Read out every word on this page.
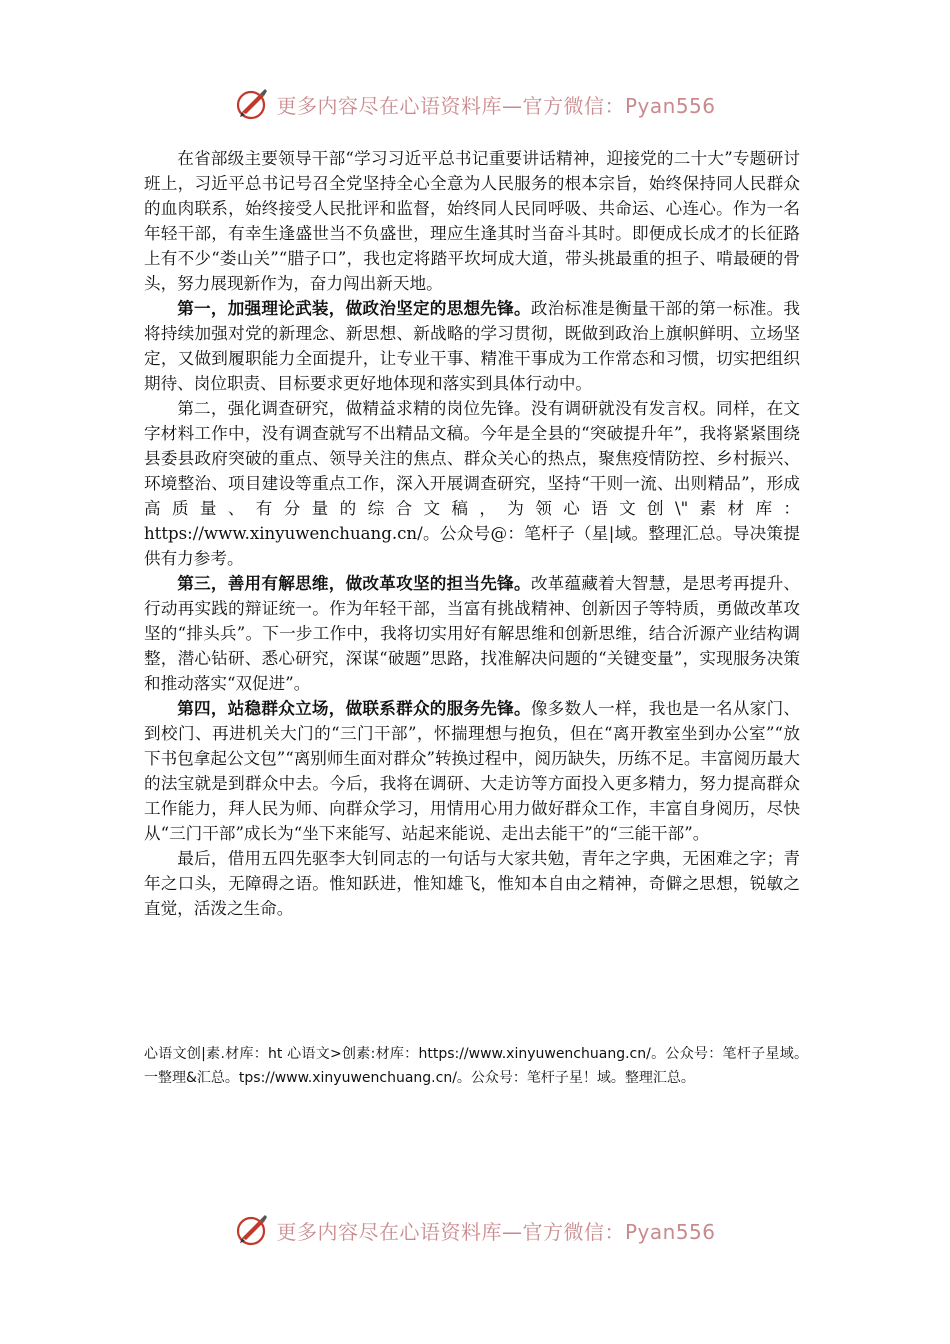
更多内容尽在心语资料库—官方微信：Pyan556

在省部级主要领导干部“学习习近平总书记重要讲话精神，迎接党的二十大”专题研讨班上，习近平总书记号召全党坚持全心全意为人民服务的根本宗旨，始终保持同人民群众的血肉联系，始终接受人民批评和监督，始终同人民同呼吸、共命运、心连心。作为一名年轻干部，有幸生逢盛世当不负盛世，理应生逢其时当奋斗其时。即便成长成才的长征路上有不少“娄山关”“腊子口”，我也定将踏平坎坷成大道，带头挑最重的担子、啃最硬的骨头，努力展现新作为，奋力闯出新天地。

第一，加强理论武装，做政治坚定的思想先锋。政治标准是衡量干部的第一标准。我将持续加强对党的新理念、新思想、新战略的学习贯彻，既做到政治上旗帜鲜明、立场坚定，又做到履职能力全面提升，让专业干事、精准干事成为工作常态和习惯，切实把组织期待、岗位职责、目标要求更好地体现和落实到具体行动中。

第二，强化调查研究，做精益求精的岗位先锋。没有调研就没有发言权。同样，在文字材料工作中，没有调查就写不出精品文稿。今年是全县的“突破提升年”，我将紧紧围绕县委县政府突破的重点、领导关注的焦点、群众关心的热点，聚焦疫情防控、乡村振兴、环境整治、项目建设等重点工作，深入开展调查研究，坚持“干则一流、出则精品”，形成高质量、有分量的综合文稿，为领心语文创\"素材库：https://www.xinyuwenchuang.cn/。公众号@：笔杆子（星|域。整理汇总。导决策提供有力参考。

第三，善用有解思维，做改革攻坚的担当先锋。改革蕴藏着大智慧，是思考再提升、行动再实践的辩证统一。作为年轻干部，当富有挑战精神、创新因子等特质，勇做改革攻坚的“排头兵”。下一步工作中，我将切实用好有解思维和创新思维，结合沂源产业结构调整，潜心钻研、悉心研究，深谋“破题”思路，找准解决问题的“关键变量”，实现服务决策和推动落实“双促进”。

第四，站稳群众立场，做联系群众的服务先锋。像多数人一样，我也是一名从家门、到校门、再进机关大门的“三门干部”，怀揣理想与抱负，但在“离开教室坐到办公室”“放下书包拿起公文包”“离别师生面对群众”转换过程中，阅历缺失，历练不足。丰富阅历最大的法宝就是到群众中去。今后，我将在调研、大走访等方面投入更多精力，努力提高群众工作能力，拜人民为师、向群众学习，用情用心用力做好群众工作，丰富自身阅历，尽快从“三门干部”成长为“坐下来能写、站起来能说、走出去能干”的“三能干部”。

最后，借用五四先驱李大钊同志的一句话与大家共勉，青年之字典，无困难之字；青年之口头，无障碍之语。惟知跃进，惟知雄飞，惟知本自由之精神，奇僻之思想，锐敏之直觉，活泼之生命。

心语文创|素.材库：ht 心语文>创素:材库：https://www.xinyuwenchuang.cn/。公众号：笔杆子星域。一整理&汇总。tps://www.xinyuwenchuang.cn/。公众号：笔杆子星！域。整理汇总。
更多内容尽在心语资料库—官方微信：Pyan556
